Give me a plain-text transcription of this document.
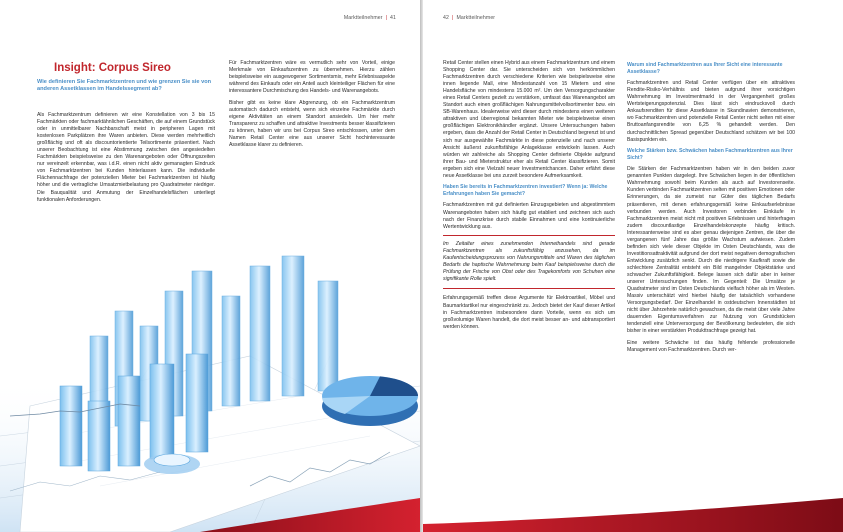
Marktteilnehmer | 41
Insight: Corpus Sireo
Wie definieren Sie Fachmarktzentren und wie grenzen Sie sie von anderen Assetklassen im Handelssegment ab?

Als Fachmarktzentrum definieren wir eine Konstellation von 3 bis 15 Fachmärkten oder fachmarktähnlichen Geschäften, die auf einem Grundstück oder in unmittelbarer Nachbarschaft meist in peripheren Lagen mit kostenlosen Parkplätzen ihre Waren anbieten. Diese werden mehrheitlich großflächig und oft als discountorientierte Teilsortimente präsentiert. Nach unserer Beobachtung ist eine Abstimmung zwischen den angesiedelten Fachmärkten beispielsweise zu den Warenangeboten oder Öffnungszeiten nur vereinzelt erkennbar, was i.d.R. einen nicht aktiv gemanagten Eindruck von Fachmarktzentren bei Kunden hinterlassen kann. Die individuelle Flächennachfrage der potenziellen Mieter bei Fachmarktzentren ist häufig höher und die vertragliche Umsatzmietbelastung pro Quadratmeter niedriger. Die Bauqualität und Anmutung der Einzelhandelsflächen unterliegt funktionalen Anforderungen.

Für Fachmarktzentren wäre es vermutlich sehr von Vorteil, einige Merkmale von Einkaufszentren zu übernehmen. Hierzu zählen beispielsweise ein ausgewogener Sortimentsmix, mehr Erlebnisaspekte während des Einkaufs oder ein Anteil auch kleinteiliger Flächen für eine interessantere Durchmischung des Handels- und Warenangebots.

Bisher gibt es keine klare Abgrenzung, ob ein Fachmarktzentrum automatisch dadurch entsteht, wenn sich einzelne Fachmärkte durch eigene Aktivitäten an einem Standort ansiedeln. Um hier mehr Transparenz zu schaffen und attraktive Investments besser klassifizieren zu können, haben wir uns bei Corpus Sireo entschlossen, unter dem Namen Retail Center eine aus unserer Sicht hochinteressante Assetklasse klarer zu definieren.

42 | Marktteilnehmer

Retail Center stellen einen Hybrid aus einem Fachmarktzentrum und einem Shopping Center dar. Sie unterscheiden sich von herkömmlichen Fachmarktzentren durch verschiedene Kriterien wie beispielsweise eine innen liegende Mall, eine Mindestanzahl von 15 Mietern und eine Handelsfläche von mindestens 15.000 m². Um den Versorgungscharakter eines Retail Centers gezielt zu verstärken, umfasst das Warenangebot am Standort auch einen großflächigen Nahrungsmittelvollsortimenter bzw. ein SB-Warenhaus. Idealerweise wird dieser durch mindestens einen weiteren attraktiven und überregional bekannten Mieter wie beispielsweise einen großflächigen Elektronikhändler ergänzt. Unsere Untersuchungen haben ergeben, dass die Anzahl der Retail Center in Deutschland begrenzt ist und sich nur ausgewählte Fachmärkte in diese potenzielle und nach unserer Ansicht äußerst zukunftsfähige Anlageklasse entwickeln lassen. Auch würden wir zahlreiche als Shopping Center definierte Objekte aufgrund ihrer Bau- und Mieterstruktur eher als Retail Center klassifizieren. Somit ergeben sich eine Vielzahl neuer Investmentchancen. Daher erfährt diese neue Assetklasse bei uns zurzeit besondere Aufmerksamkeit.

Haben Sie bereits in Fachmarktzentren investiert? Wenn ja: Welche Erfahrungen haben Sie gemacht?

Fachmarktzentren mit gut definierten Einzugsgebieten und abgestimmtem Warenangeboten haben sich häufig gut etabliert und zeichnen sich auch nach der Finanzkrise durch stabile Einnahmen und eine kontinuierliche Wertentwicklung aus.

Im Zeitalter eines zunehmenden Internethandels sind gerade Fachmarktzentren als zukunftsfähig anzusehen, da im Kaufentscheidungsprozess von Nahrungsmitteln und Waren des täglichen Bedarfs die haptische Wahrnehmung beim Kauf beispielsweise durch die Prüfung der Frische von Obst oder des Tragekomforts von Schuhen eine signifikante Rolle spielt.

Erfahrungsgemäß treffen diese Argumente für Elektroartikel, Möbel und Baumarktartikel nur eingeschränkt zu. Jedoch bietet der Kauf dieser Artikel in Fachmarktzentren insbesondere dann Vorteile, wenn es sich um großvolumige Waren handelt, die dort meist besser an- und abtransportiert werden können.

Warum sind Fachmarktzentren aus Ihrer Sicht eine interessante Assetklasse?

Fachmarktzentren und Retail Center verfügen über ein attraktives Rendite-Risiko-Verhältnis und bieten aufgrund ihrer vorsichtigen Wahrnehmung im Investmentmarkt in der Vergangenheit großes Wertsteigerungspotenzial. Dies lässt sich eindrucksvoll durch Ankaufsrenditen für diese Assetklasse in Skandinavien demonstrieren, wo Fachmarktzentren und potenzielle Retail Center nicht selten mit einer Bruttoanfangsrendite von 6,25 % gehandelt werden. Den durchschnittlichen Spread gegenüber Deutschland schätzen wir bei 100 Basispunkten ein.

Welche Stärken bzw. Schwächen haben Fachmarktzentren aus Ihrer Sicht?

Die Stärken der Fachmarktzentren haben wir in den beiden zuvor genannten Punkten dargelegt. Ihre Schwächen liegen in der öffentlichen Wahrnehmung sowohl beim Kunden als auch auf Investorenseite. Kunden verbinden Fachmarktzentren selten mit positiven Emotionen oder Erinnerungen, da sie zumeist nur Güter des täglichen Bedarfs präsentieren, mit denen erfahrungsgemäß keine Einkaufserlebnisse verbunden werden. Auch Investoren verbinden Einkäufe in Fachmarktzentren meist nicht mit positiven Erlebnissen und hinterfragen zudem discountlastige Einzelhandelskonzepte häufig kritisch. Interessanterweise sind es aber genau diejenigen Zentren, die über die vergangenen fünf Jahre das größte Wachstum aufwiesen. Zudem befinden sich viele dieser Objekte im Osten Deutschlands, was die Investitionsattraktivität aufgrund der dort meist negativen demografischen Entwicklung zusätzlich senkt. Durch die niedrigere Kaufkraft sowie die schlechtere Zentralität entsteht ein Bild mangelnder Objektstärke und schwacher Zukunftsfähigkeit. Belege lassen sich dafür aber in keiner unserer Untersuchungen finden. Im Gegenteil: Die Umsätze je Quadratmeter sind im Osten Deutschlands vielfach höher als im Westen. Massiv unterschätzt wird hierbei häufig der tatsächlich vorhandene Versorgungsbedarf. Der Einzelhandel in ostdeutschen Innenstädten ist nicht über Jahrzehnte natürlich gewachsen, da die meist über viele Jahre dauernden Eigentumsverfahren zur Nutzung von Grundstücken tendenziell eine Unterversorgung der Bevölkerung bedeuteten, die sich bisher in einer verstärkten Produkttrachfrage gezeigt hat.

Eine weitere Schwäche ist das häufig fehlende professionelle Management von Fachmarktzentren. Durch ver-
